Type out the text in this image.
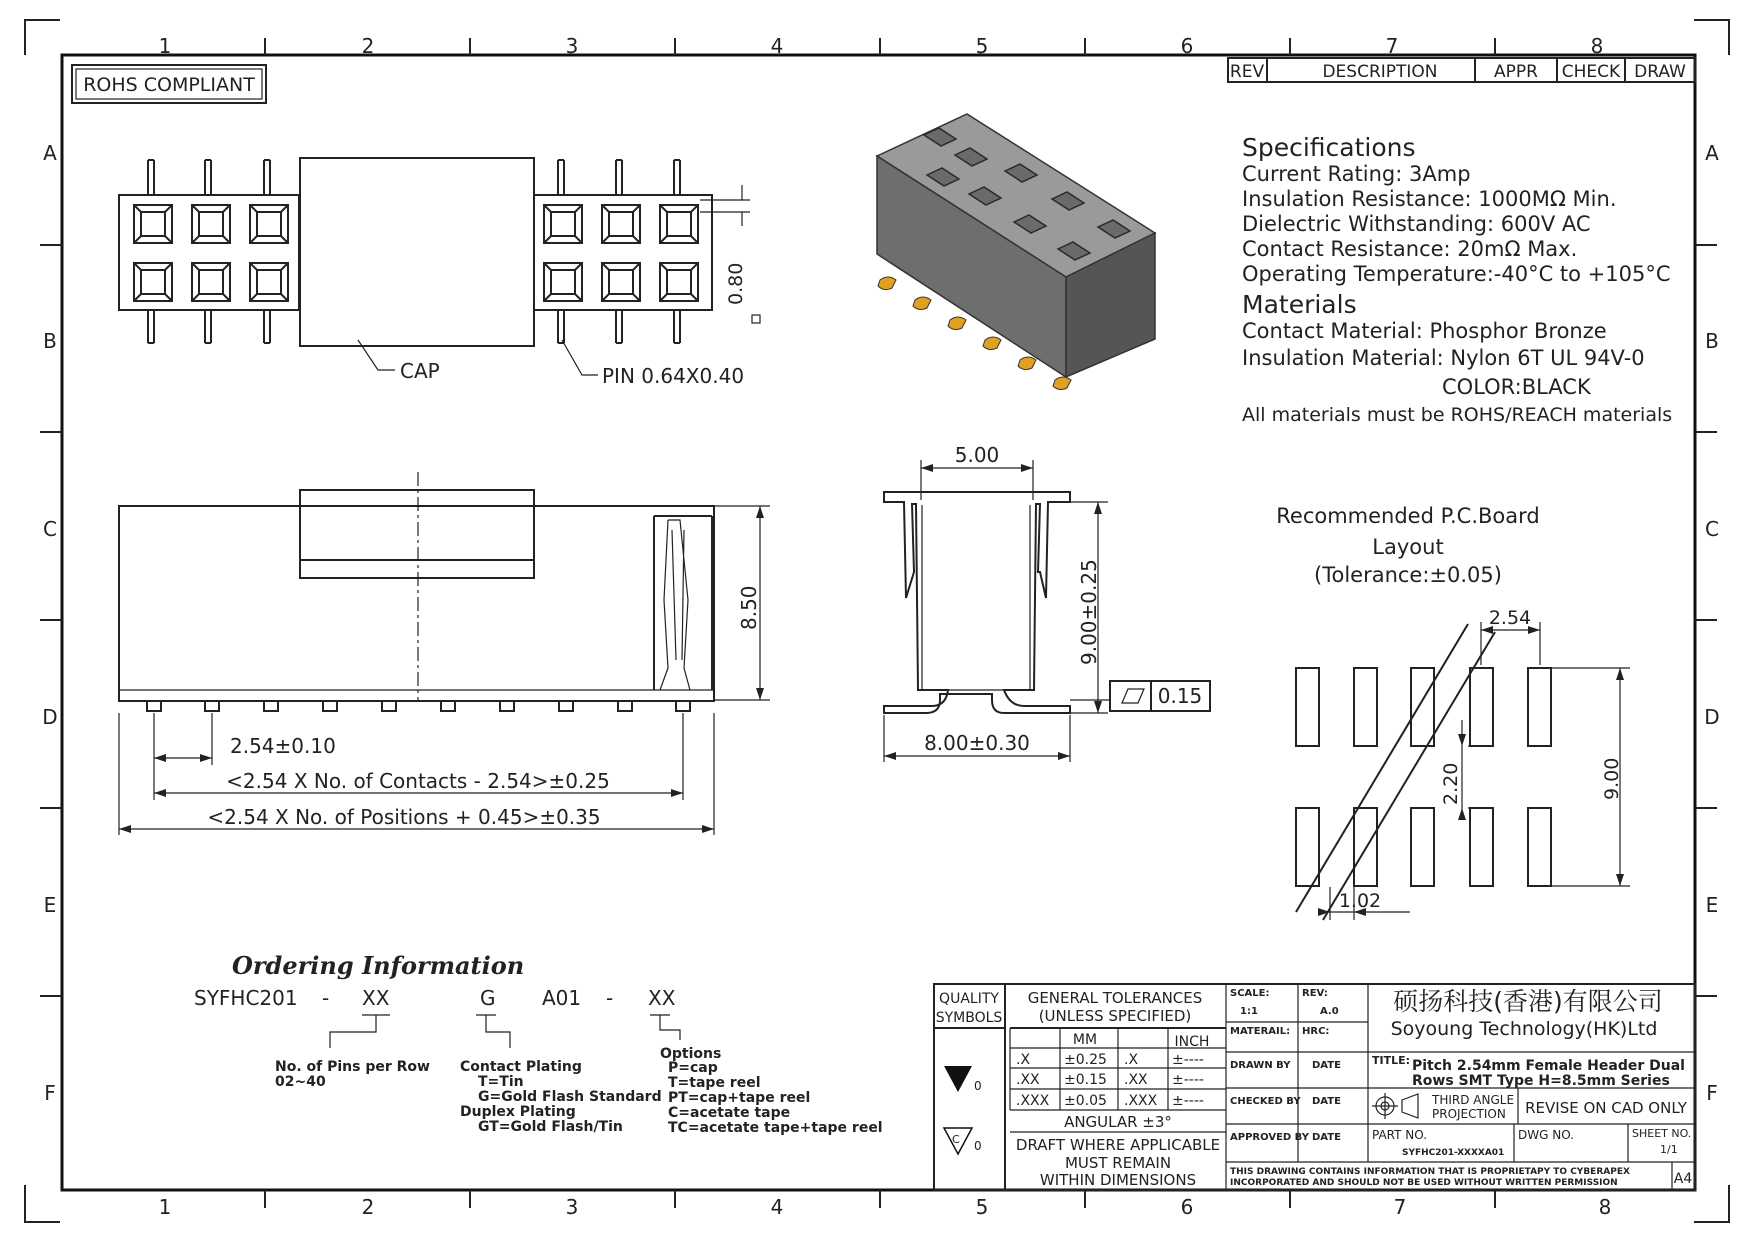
1	2	3	4	5	6	7	8
1	2	3	4	5	6	7	8
A
B
C
D
E
F
A
B
C
D
E
F
REV	DESCRIPTION	APPR CHECK DRAW
ROHS COMPLIANT
CAP	PIN 0.64X0.40
0.80
Specifications
Current Rating: 3Amp
Insulation Resistance: 1000MΩ Min.
Dielectric Withstanding: 600V AC
Contact Resistance: 20mΩ Max.
Operating Temperature:-40°C to +105°C
Materials
Contact Material: Phosphor Bronze
Insulation Material: Nylon 6T UL 94V-0
COLOR:BLACK
All materials must be ROHS/REACH materials
8.50
2.54±0.10
<2.54 X No. of Contacts - 2.54>±0.25
<2.54 X No. of Positions + 0.45>±0.35
5.00
9.00±0.25
8.00±0.30
0.15
Recommended P.C.Board
Layout
(Tolerance:±0.05)
2.54
2.20	9.00
1.02
Ordering Information
SYFHC201 - XX	G A01 - XX
No. of Pins per Row
02~40
Contact Plating
T=Tin
G=Gold Flash Standard
Duplex Plating
GT=Gold Flash/Tin
Options
P=cap
T=tape reel
PT=cap+tape reel
C=acetate tape
TC=acetate tape+tape reel
QUALITY
SYMBOLS
0
C 0
GENERAL TOLERANCES
(UNLESS SPECIFIED)
MM	INCH
.X ±0.25 .X ±----
.XX ±0.15 .XX ±----
.XXX ±0.05 .XXX ±----
ANGULAR ±3°
DRAFT WHERE APPLICABLE
MUST REMAIN
WITHIN DIMENSIONS
SCALE:
1:1
REV:
A.0
MATERAIL: HRC:
DRAWN BY DATE
CHECKED BY DATE
APPROVED BY DATE
硕扬科技(香港)有限公司
Soyoung Technology(HK)Ltd
TITLE: Pitch 2.54mm Female Header Dual
Rows SMT Type H=8.5mm Series
THIRD ANGLE
PROJECTION REVISE ON CAD ONLY
PART NO.
SYFHC201-XXXXA01
DWG NO.	SHEET NO.
1/1
THIS DRAWING CONTAINS INFORMATION THAT IS PROPRIETAPY TO CYBERAPEX
INCORPORATED AND SHOULD NOT BE USED WITHOUT WRITTEN PERMISSION	A4
